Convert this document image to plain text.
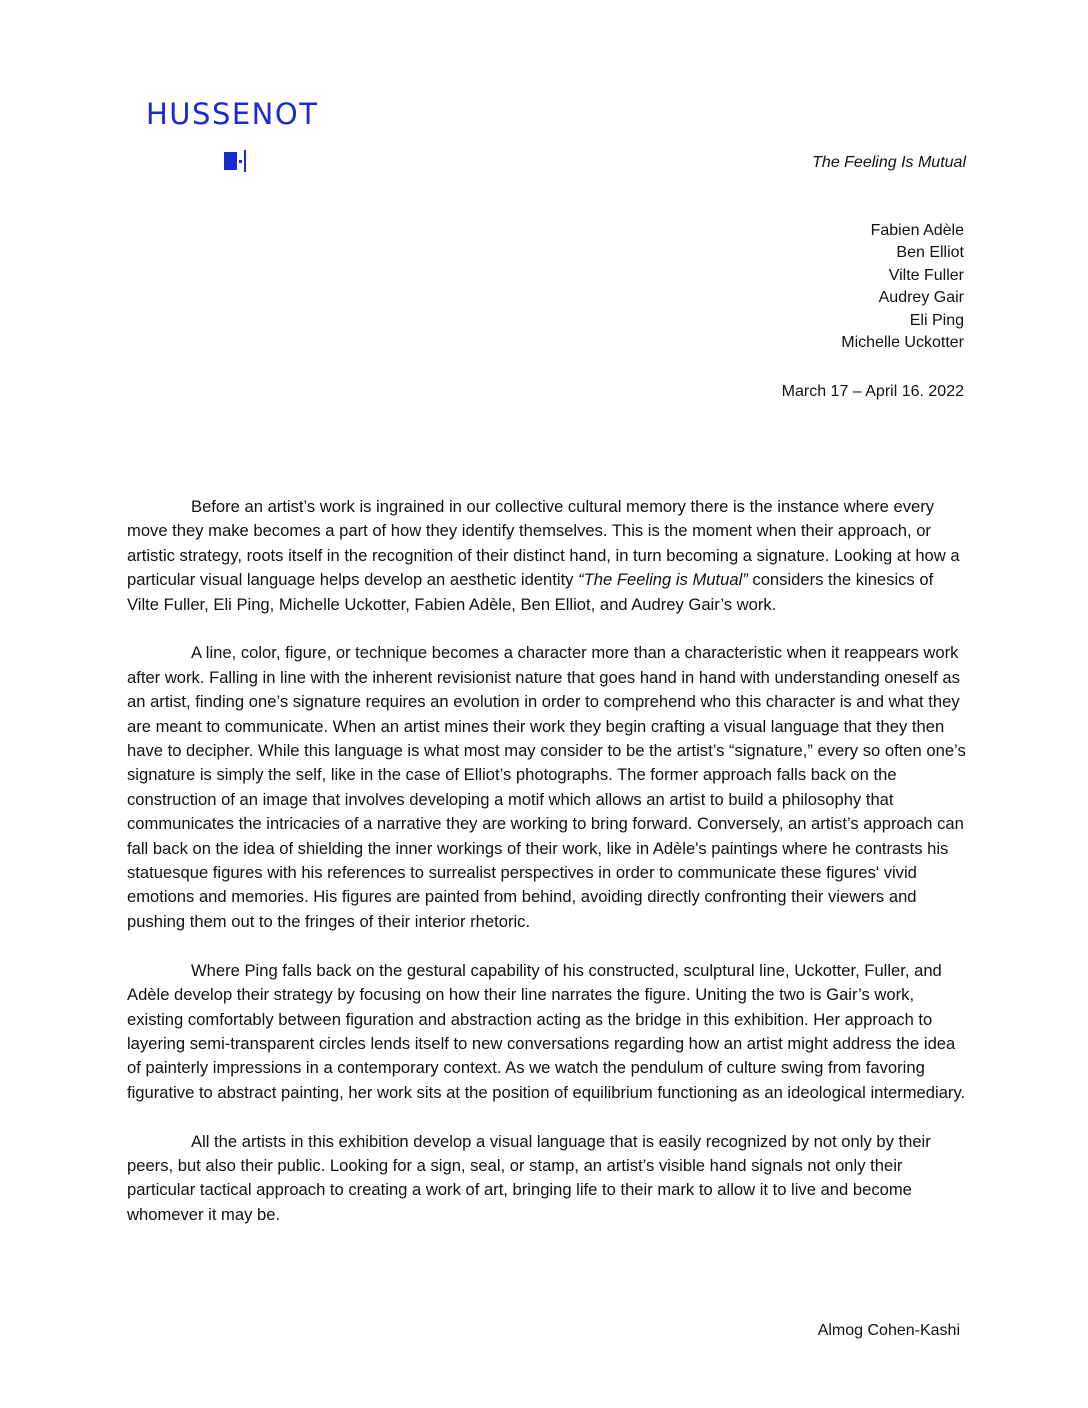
HUSSENOT
The Feeling Is Mutual
Fabien Adèle
Ben Elliot
Vilte Fuller
Audrey Gair
Eli Ping
Michelle Uckotter
March 17 – April 16. 2022

Before an artist’s work is ingrained in our collective cultural memory there is the instance where every move they make becomes a part of how they identify themselves. This is the moment when their approach, or artistic strategy, roots itself in the recognition of their distinct hand, in turn becoming a signature. Looking at how a particular visual language helps develop an aesthetic identity “The Feeling is Mutual” considers the kinesics of Vilte Fuller, Eli Ping, Michelle Uckotter, Fabien Adèle, Ben Elliot, and Audrey Gair’s work.

A line, color, figure, or technique becomes a character more than a characteristic when it reappears work after work. Falling in line with the inherent revisionist nature that goes hand in hand with understanding oneself as an artist, finding one’s signature requires an evolution in order to comprehend who this character is and what they are meant to communicate. When an artist mines their work they begin crafting a visual language that they then have to decipher. While this language is what most may consider to be the artist’s “signature,” every so often one’s signature is simply the self, like in the case of Elliot’s photographs. The former approach falls back on the construction of an image that involves developing a motif which allows an artist to build a philosophy that communicates the intricacies of a narrative they are working to bring forward. Conversely, an artist’s approach can fall back on the idea of shielding the inner workings of their work, like in Adèle's paintings where he contrasts his statuesque figures with his references to surrealist perspectives in order to communicate these figures' vivid emotions and memories. His figures are painted from behind, avoiding directly confronting their viewers and pushing them out to the fringes of their interior rhetoric.

Where Ping falls back on the gestural capability of his constructed, sculptural line, Uckotter, Fuller, and Adèle develop their strategy by focusing on how their line narrates the figure. Uniting the two is Gair’s work, existing comfortably between figuration and abstraction acting as the bridge in this exhibition. Her approach to layering semi-transparent circles lends itself to new conversations regarding how an artist might address the idea of painterly impressions in a contemporary context. As we watch the pendulum of culture swing from favoring figurative to abstract painting, her work sits at the position of equilibrium functioning as an ideological intermediary.

All the artists in this exhibition develop a visual language that is easily recognized by not only by their peers, but also their public. Looking for a sign, seal, or stamp, an artist’s visible hand signals not only their particular tactical approach to creating a work of art, bringing life to their mark to allow it to live and become whomever it may be.

Almog Cohen-Kashi
